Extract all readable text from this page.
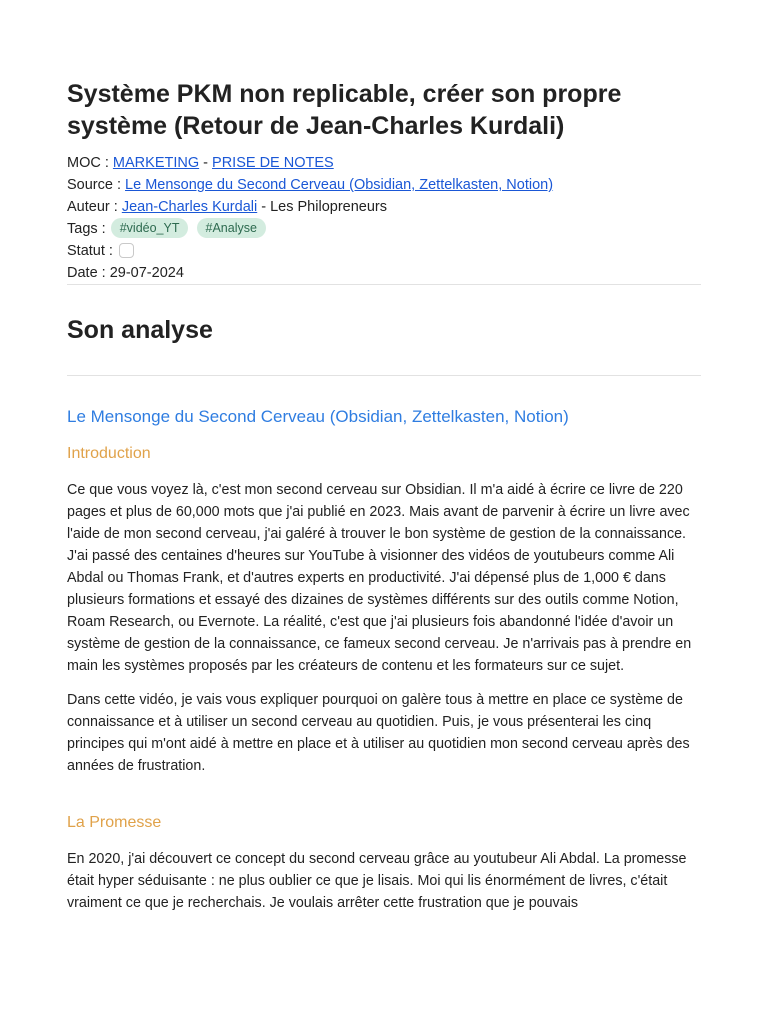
Système PKM non replicable, créer son propre système (Retour de Jean-Charles Kurdali)
MOC : MARKETING - PRISE DE NOTES
Source : Le Mensonge du Second Cerveau (Obsidian, Zettelkasten, Notion)
Auteur : Jean-Charles Kurdali - Les Philopreneurs
Tags : #vidéo_YT #Analyse
Statut :
Date : 29-07-2024
Son analyse
Le Mensonge du Second Cerveau (Obsidian, Zettelkasten, Notion)
Introduction

Ce que vous voyez là, c'est mon second cerveau sur Obsidian. Il m'a aidé à écrire ce livre de 220 pages et plus de 60,000 mots que j'ai publié en 2023. Mais avant de parvenir à écrire un livre avec l'aide de mon second cerveau, j'ai galéré à trouver le bon système de gestion de la connaissance. J'ai passé des centaines d'heures sur YouTube à visionner des vidéos de youtubeurs comme Ali Abdal ou Thomas Frank, et d'autres experts en productivité. J'ai dépensé plus de 1,000 € dans plusieurs formations et essayé des dizaines de systèmes différents sur des outils comme Notion, Roam Research, ou Evernote. La réalité, c'est que j'ai plusieurs fois abandonné l'idée d'avoir un système de gestion de la connaissance, ce fameux second cerveau. Je n'arrivais pas à prendre en main les systèmes proposés par les créateurs de contenu et les formateurs sur ce sujet.

Dans cette vidéo, je vais vous expliquer pourquoi on galère tous à mettre en place ce système de connaissance et à utiliser un second cerveau au quotidien. Puis, je vous présenterai les cinq principes qui m'ont aidé à mettre en place et à utiliser au quotidien mon second cerveau après des années de frustration.

La Promesse

En 2020, j'ai découvert ce concept du second cerveau grâce au youtubeur Ali Abdal. La promesse était hyper séduisante : ne plus oublier ce que je lisais. Moi qui lis énormément de livres, c'était vraiment ce que je recherchais. Je voulais arrêter cette frustration que je pouvais
